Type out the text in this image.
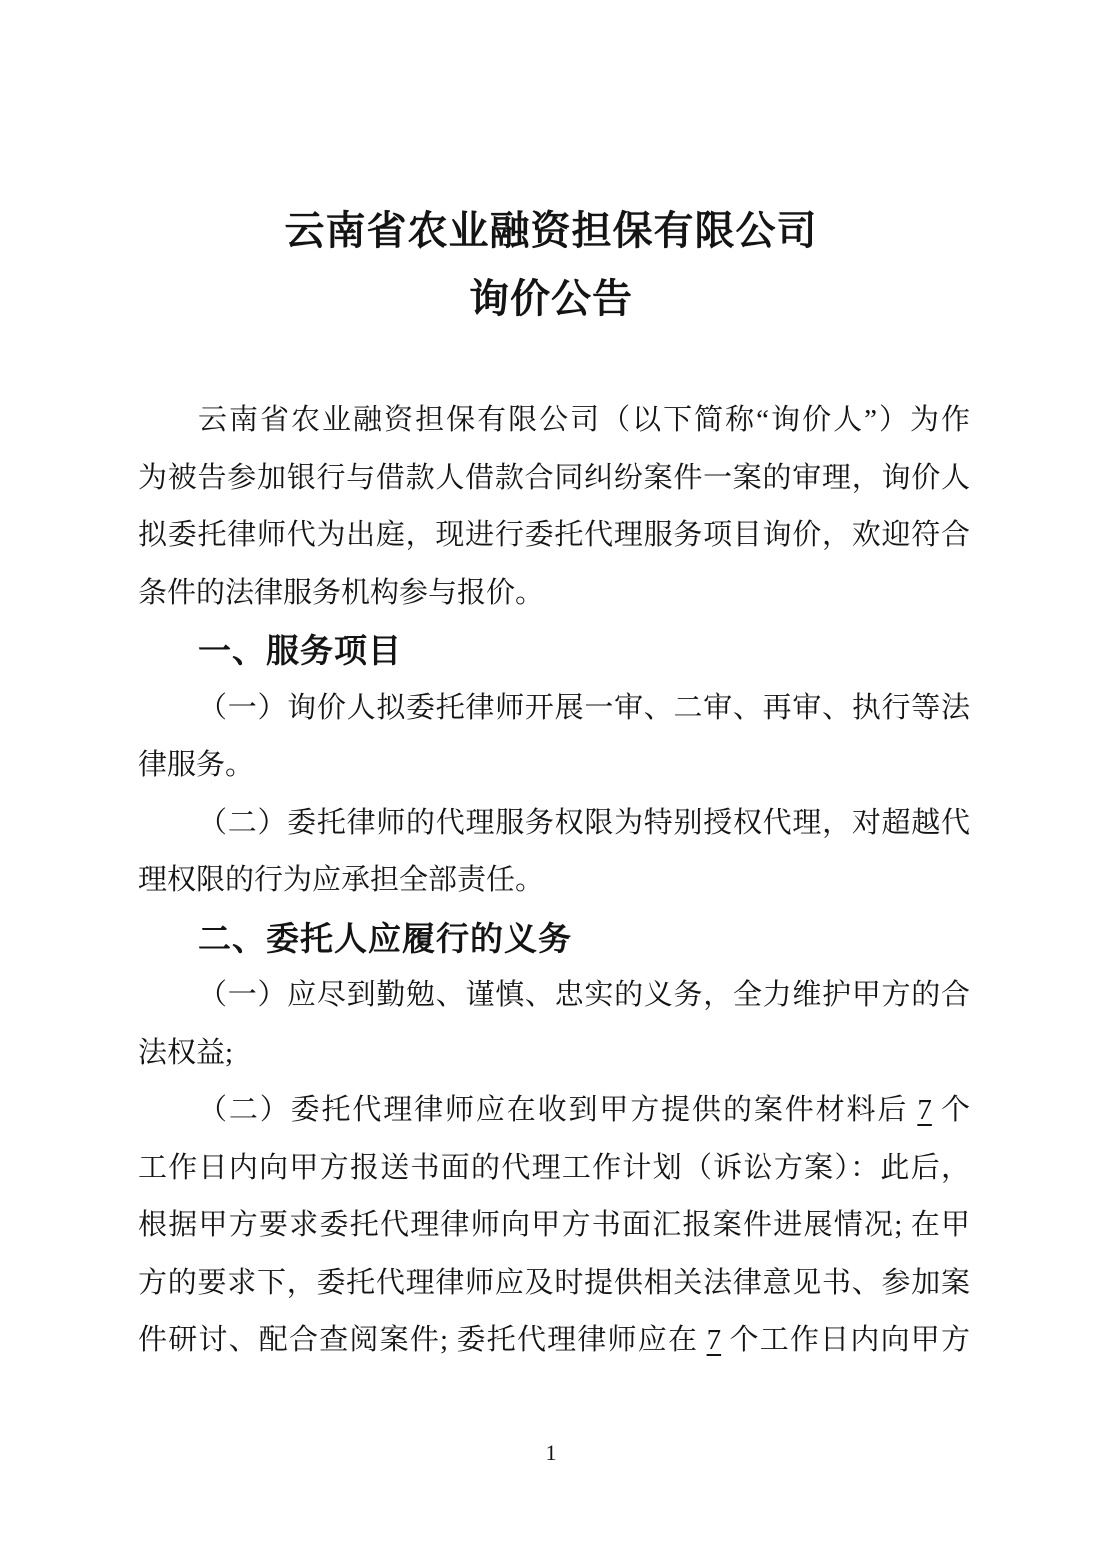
云南省农业融资担保有限公司
询价公告
云南省农业融资担保有限公司（以下简称“询价人”）为作
为被告参加银行与借款人借款合同纠纷案件一案的审理，询价人
拟委托律师代为出庭，现进行委托代理服务项目询价，欢迎符合
条件的法律服务机构参与报价。
一、服务项目
（一）询价人拟委托律师开展一审、二审、再审、执行等法
律服务。
（二）委托律师的代理服务权限为特别授权代理，对超越代
理权限的行为应承担全部责任。
二、委托人应履行的义务
（一）应尽到勤勉、谨慎、忠实的义务，全力维护甲方的合
法权益;
（二）委托代理律师应在收到甲方提供的案件材料后 7 个
工作日内向甲方报送书面的代理工作计划（诉讼方案）：此后，
根据甲方要求委托代理律师向甲方书面汇报案件进展情况; 在甲
方的要求下，委托代理律师应及时提供相关法律意见书、参加案
件研讨、配合查阅案件; 委托代理律师应在 7 个工作日内向甲方
1
